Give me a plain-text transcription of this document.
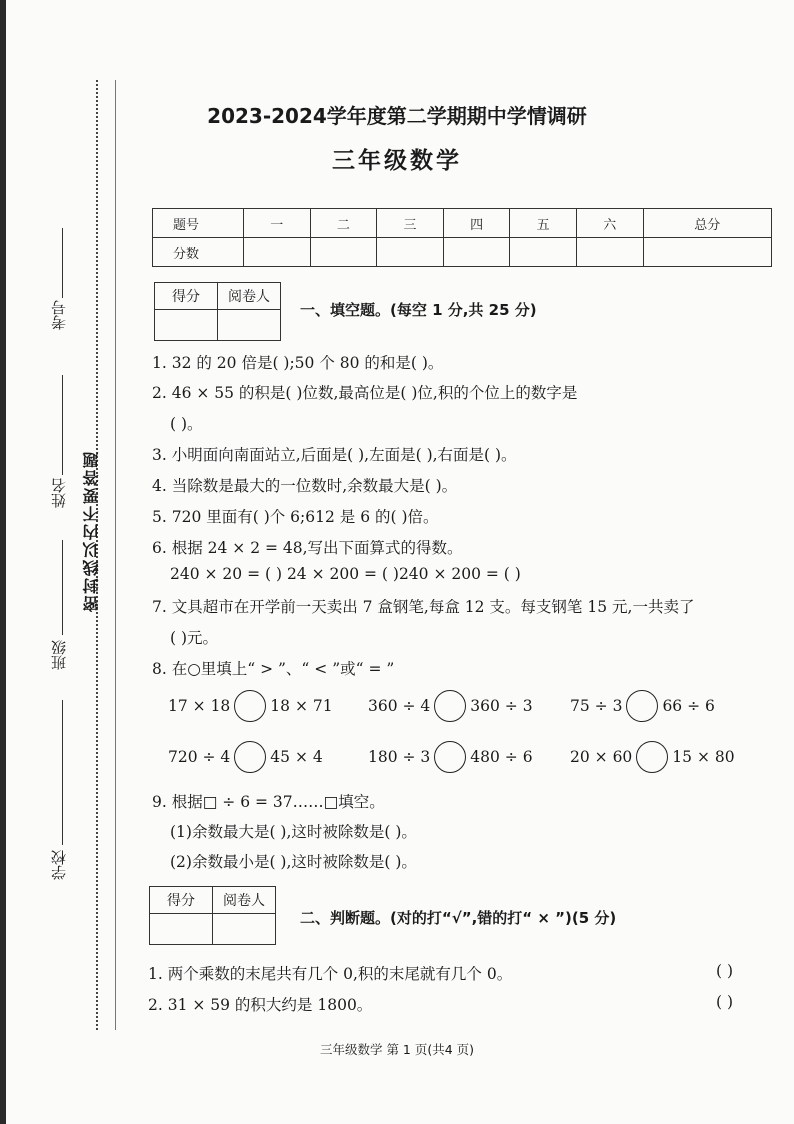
考号
姓名
班级
学校
密封线以内不要答题
2023-2024学年度第二学期期中学情调研
三年级数学
题号	一	二	三	四	五	六	总分
分数							
得分	阅卷人

一、填空题。(每空 1 分,共 25 分)
1. 32 的 20 倍是( );50 个 80 的和是( )。
2. 46 × 55 的积是( )位数,最高位是( )位,积的个位上的数字是
( )。
3. 小明面向南面站立,后面是( ),左面是( ),右面是( )。
4. 当除数是最大的一位数时,余数最大是( )。
5. 720 里面有( )个 6;612 是 6 的( )倍。
6. 根据 24 × 2 = 48,写出下面算式的得数。
240 × 20 = ( ) 24 × 200 = ( )240 × 200 = ( )
7. 文具超市在开学前一天卖出 7 盒钢笔,每盒 12 支。每支钢笔 15 元,一共卖了
( )元。
8. 在○里填上“ > ”、“ < ”或“ = ”
17 × 18	18 × 71 360 ÷ 4	360 ÷ 3 75 ÷ 3	66 ÷ 6
720 ÷ 4	45 × 4	180 ÷ 3	480 ÷ 6 20 × 60	15 × 80
9. 根据□ ÷ 6 = 37……□填空。
(1)余数最大是( ),这时被除数是( )。
(2)余数最小是( ),这时被除数是( )。
得分	阅卷人

二、判断题。(对的打“√”,错的打“ × ”)(5 分)
1. 两个乘数的末尾共有几个 0,积的末尾就有几个 0。	( )
2. 31 × 59 的积大约是 1800。	( )
三年级数学 第 1 页(共4 页)
